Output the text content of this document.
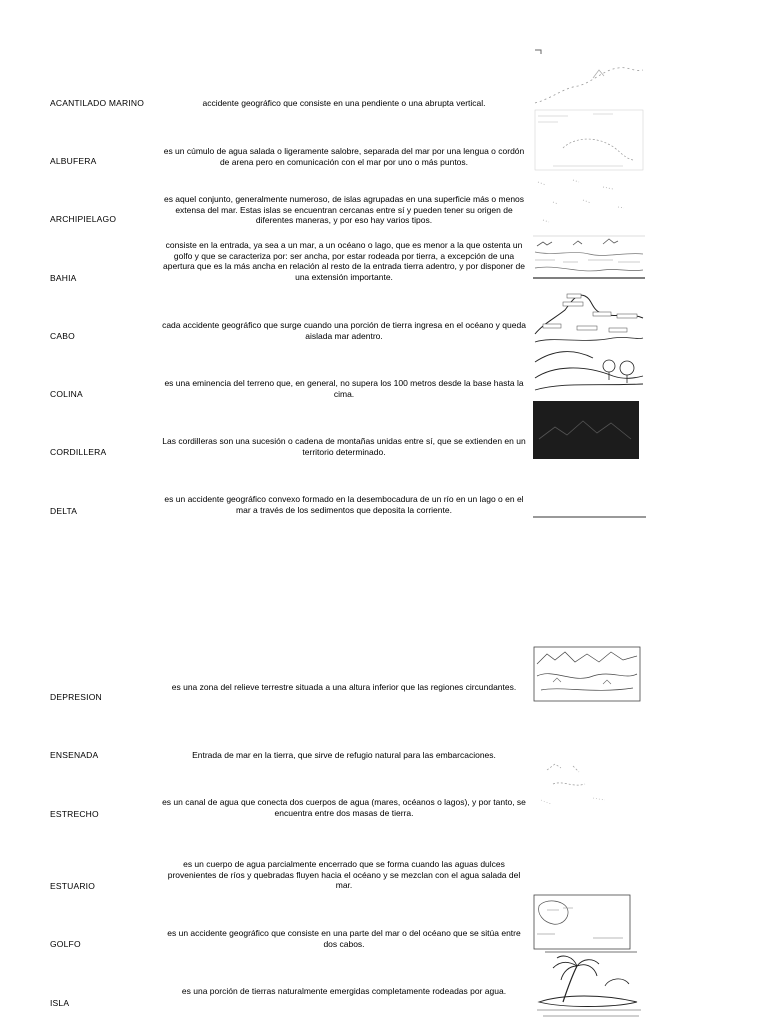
ACANTILADO MARINO
ALBUFERA
ARCHIPIELAGO
BAHIA
CABO
COLINA
CORDILLERA
DELTA
DEPRESION
ENSENADA
ESTRECHO
ESTUARIO
GOLFO
ISLA
accidente geográfico que consiste en una pendiente o una abrupta vertical.
es un cúmulo de agua salada o ligeramente salobre, separada del mar por una lengua o cordón de arena pero en comunicación con el mar por uno o más puntos.
es aquel conjunto, generalmente numeroso, de islas agrupadas en una superficie más o menos extensa del mar. Estas islas se encuentran cercanas entre sí y pueden tener su origen de diferentes maneras, y por eso hay varios tipos.
consiste en la entrada, ya sea a un mar, a un océano o lago, que es menor a la que ostenta un golfo y que se caracteriza por: ser ancha, por estar rodeada por tierra, a excepción de una apertura que es la más ancha en relación al resto de la entrada tierra adentro, y por disponer de una extensión importante.
cada accidente geográfico que surge cuando una porción de tierra ingresa en el océano y queda aislada mar adentro.
es una eminencia del terreno que, en general, no supera los 100 metros desde la base hasta la cima.
Las cordilleras son una sucesión o cadena de montañas unidas entre sí, que se extienden en un territorio determinado.
es un accidente geográfico convexo formado en la desembocadura de un río en un lago o en el mar a través de los sedimentos que deposita la corriente.
es una zona del relieve terrestre situada a una altura inferior que las regiones circundantes.
Entrada de mar en la tierra, que sirve de refugio natural para las embarcaciones.
es un canal de agua que conecta dos cuerpos de agua (mares, océanos o lagos), y por tanto, se encuentra entre dos masas de tierra.
es un cuerpo de agua parcialmente encerrado que se forma cuando las aguas dulces provenientes de ríos y quebradas fluyen hacia el océano y se mezclan con el agua salada del mar.
es un accidente geográfico que consiste en una parte del mar o del océano que se sitúa entre dos cabos.
es una porción de tierras naturalmente emergidas completamente rodeadas por agua.
